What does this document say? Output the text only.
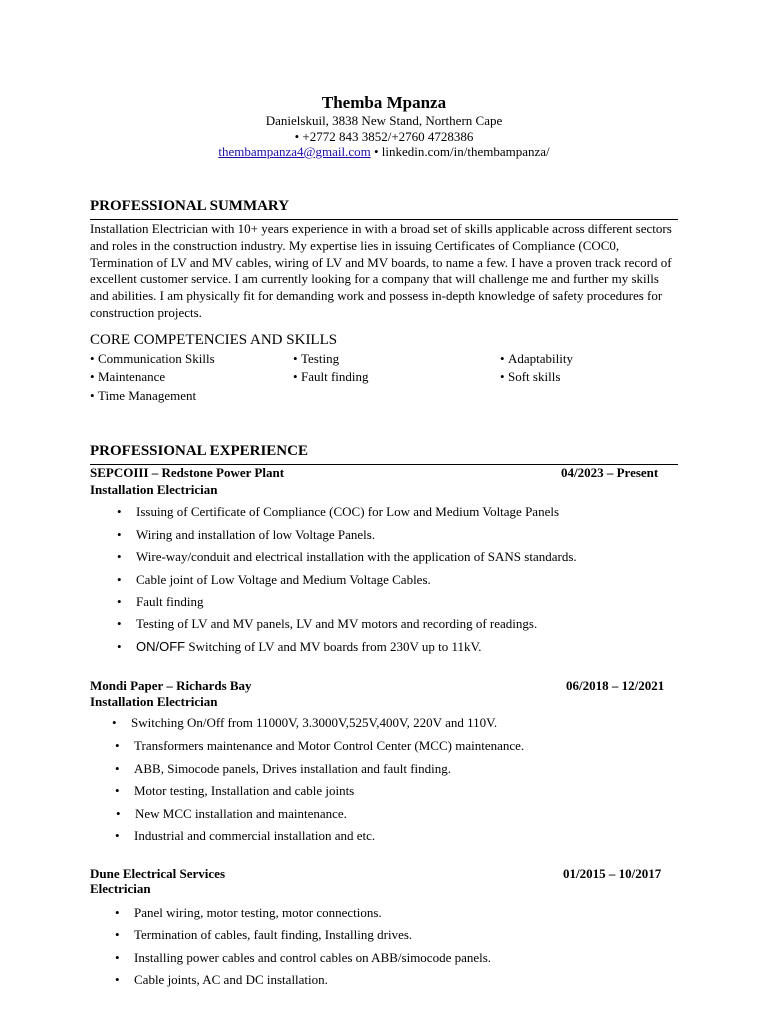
Themba Mpanza
Danielskuil, 3838 New Stand, Northern Cape
• +2772 843 3852/+2760 4728386
thembampanza4@gmail.com • linkedin.com/in/thembampanza/
PROFESSIONAL SUMMARY
Installation Electrician with 10+ years experience in with a broad set of skills applicable across different sectors and roles in the construction industry. My expertise lies in issuing Certificates of Compliance (COC0, Termination of LV and MV cables, wiring of LV and MV boards, to name a few. I have a proven track record of excellent customer service. I am currently looking for a company that will challenge me and further my skills and abilities. I am physically fit for demanding work and possess in-depth knowledge of safety procedures for construction projects.
CORE COMPETENCIES AND SKILLS
• Communication Skills	• Testing	• Adaptability
• Maintenance	• Fault finding	• Soft skills
• Time Management
PROFESSIONAL EXPERIENCE
SEPCOIII – Redstone Power Plant	04/2023 – Present
Installation Electrician
• Issuing of Certificate of Compliance (COC) for Low and Medium Voltage Panels
• Wiring and installation of low Voltage Panels.
• Wire-way/conduit and electrical installation with the application of SANS standards.
• Cable joint of Low Voltage and Medium Voltage Cables.
• Fault finding
• Testing of LV and MV panels, LV and MV motors and recording of readings.
• ON/OFF Switching of LV and MV boards from 230V up to 11kV.
Mondi Paper – Richards Bay	06/2018 – 12/2021
Installation Electrician
• Switching On/Off from 11000V, 3.3000V,525V,400V, 220V and 110V.
• Transformers maintenance and Motor Control Center (MCC) maintenance.
• ABB, Simocode panels, Drives installation and fault finding.
• Motor testing, Installation and cable joints
• New MCC installation and maintenance.
• Industrial and commercial installation and etc.
Dune Electrical Services	01/2015 – 10/2017
Electrician
• Panel wiring, motor testing, motor connections.
• Termination of cables, fault finding, Installing drives.
• Installing power cables and control cables on ABB/simocode panels.
• Cable joints, AC and DC installation.
